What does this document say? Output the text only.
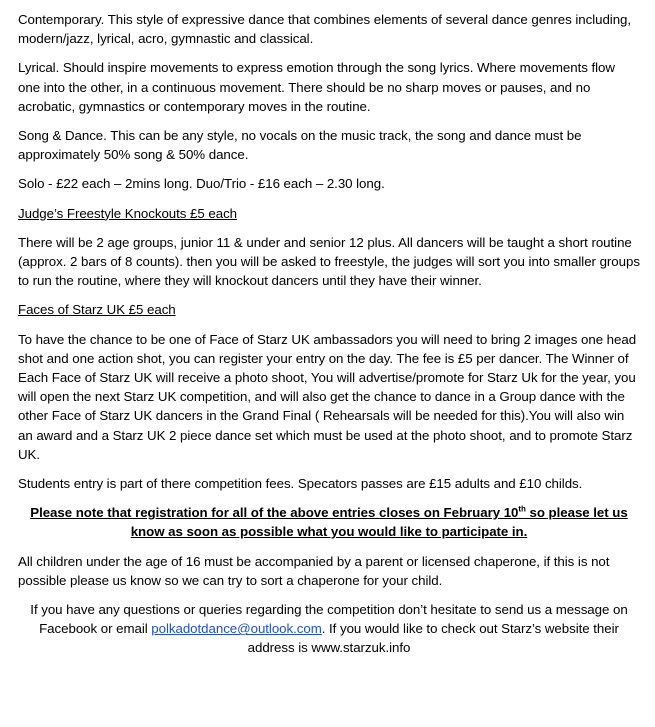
Contemporary. This style of expressive dance that combines elements of several dance genres including, modern/jazz, lyrical, acro, gymnastic and classical.

Lyrical. Should inspire movements to express emotion through the song lyrics. Where movements flow one into the other, in a continuous movement. There should be no sharp moves or pauses, and no acrobatic, gymnastics or contemporary moves in the routine.

Song & Dance. This can be any style, no vocals on the music track, the song and dance must be approximately 50% song & 50% dance.

Solo - £22 each – 2mins long. Duo/Trio - £16 each – 2.30 long.

Judge’s Freestyle Knockouts £5 each

There will be 2 age groups, junior 11 & under and senior 12 plus. All dancers will be taught a short routine (approx. 2 bars of 8 counts). then you will be asked to freestyle, the judges will sort you into smaller groups to run the routine, where they will knockout dancers until they have their winner.

Faces of Starz UK £5 each

To have the chance to be one of Face of Starz UK ambassadors you will need to bring 2 images one head shot and one action shot, you can register your entry on the day. The fee is £5 per dancer. The Winner of Each Face of Starz UK will receive a photo shoot, You will advertise/promote for Starz Uk for the year, you will open the next Starz UK competition, and will also get the chance to dance in a Group dance with the other Face of Starz UK dancers in the Grand Final ( Rehearsals will be needed for this).You will also win an award and a Starz UK 2 piece dance set which must be used at the photo shoot, and to promote Starz UK.

Students entry is part of there competition fees. Specators passes are £15 adults and £10 childs.

Please note that registration for all of the above entries closes on February 10th so please let us know as soon as possible what you would like to participate in.

All children under the age of 16 must be accompanied by a parent or licensed chaperone, if this is not possible please us know so we can try to sort a chaperone for your child.

If you have any questions or queries regarding the competition don’t hesitate to send us a message on Facebook or email polkadotdance@outlook.com. If you would like to check out Starz’s website their address is www.starzuk.info
